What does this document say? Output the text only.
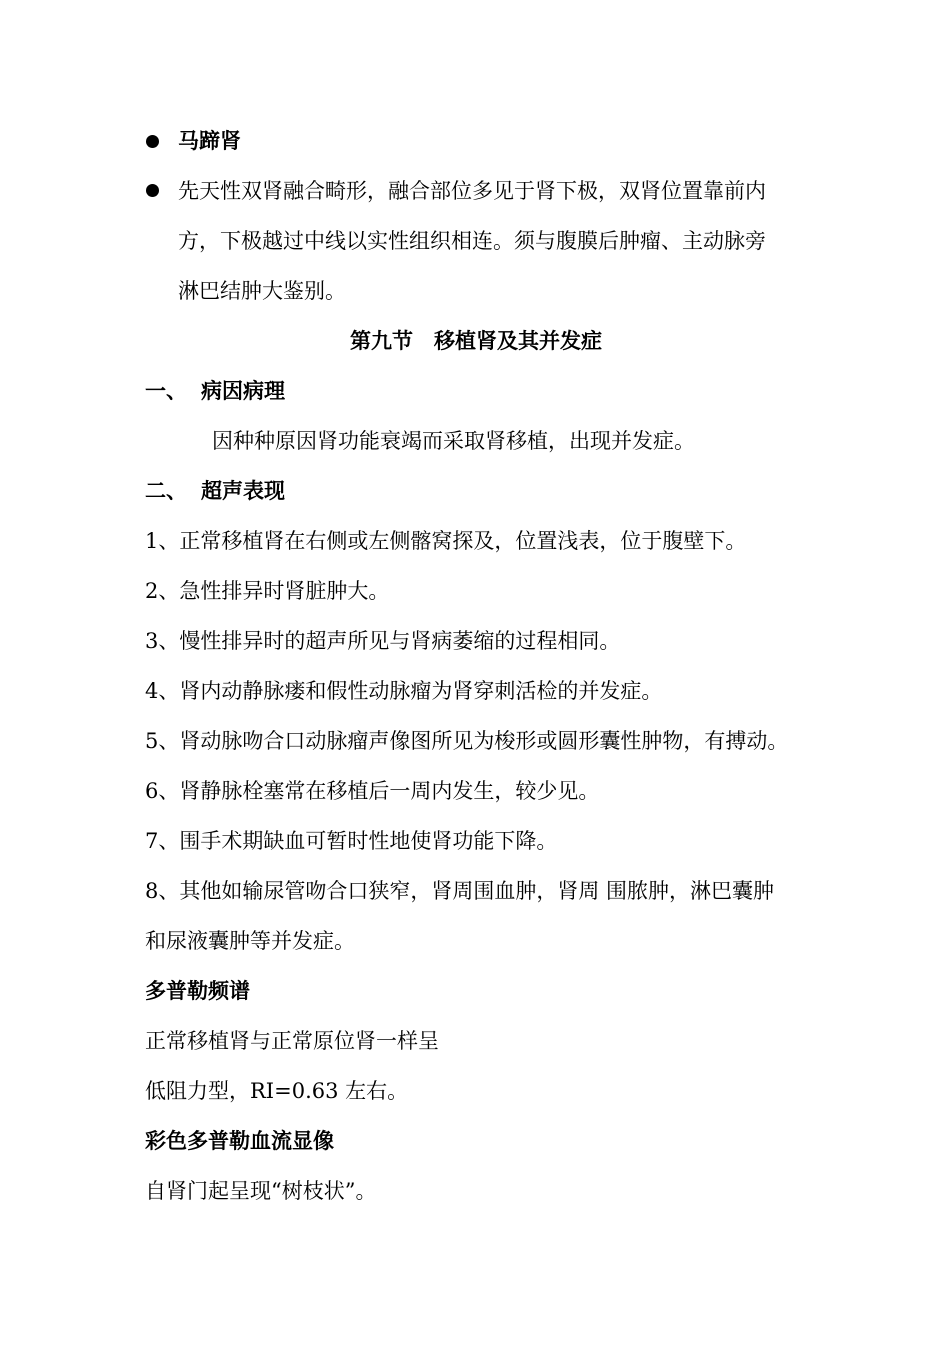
马蹄肾
先天性双肾融合畸形，融合部位多见于肾下极，双肾位置靠前内
方，下极越过中线以实性组织相连。须与腹膜后肿瘤、主动脉旁
淋巴结肿大鉴别。
第九节　移植肾及其并发症
一、 病因病理
因种种原因肾功能衰竭而采取肾移植，出现并发症。
二、 超声表现
1、正常移植肾在右侧或左侧髂窝探及，位置浅表，位于腹壁下。
2、急性排异时肾脏肿大。
3、慢性排异时的超声所见与肾病萎缩的过程相同。
4、肾内动静脉瘘和假性动脉瘤为肾穿刺活检的并发症。
5、肾动脉吻合口动脉瘤声像图所见为梭形或圆形囊性肿物，有搏动。
6、肾静脉栓塞常在移植后一周内发生，较少见。
7、围手术期缺血可暂时性地使肾功能下降。
8、其他如输尿管吻合口狭窄，肾周围血肿，肾周 围脓肿，淋巴囊肿
和尿液囊肿等并发症。
多普勒频谱
正常移植肾与正常原位肾一样呈
低阻力型，RI=0.63 左右。
彩色多普勒血流显像
自肾门起呈现“树枝状”。
